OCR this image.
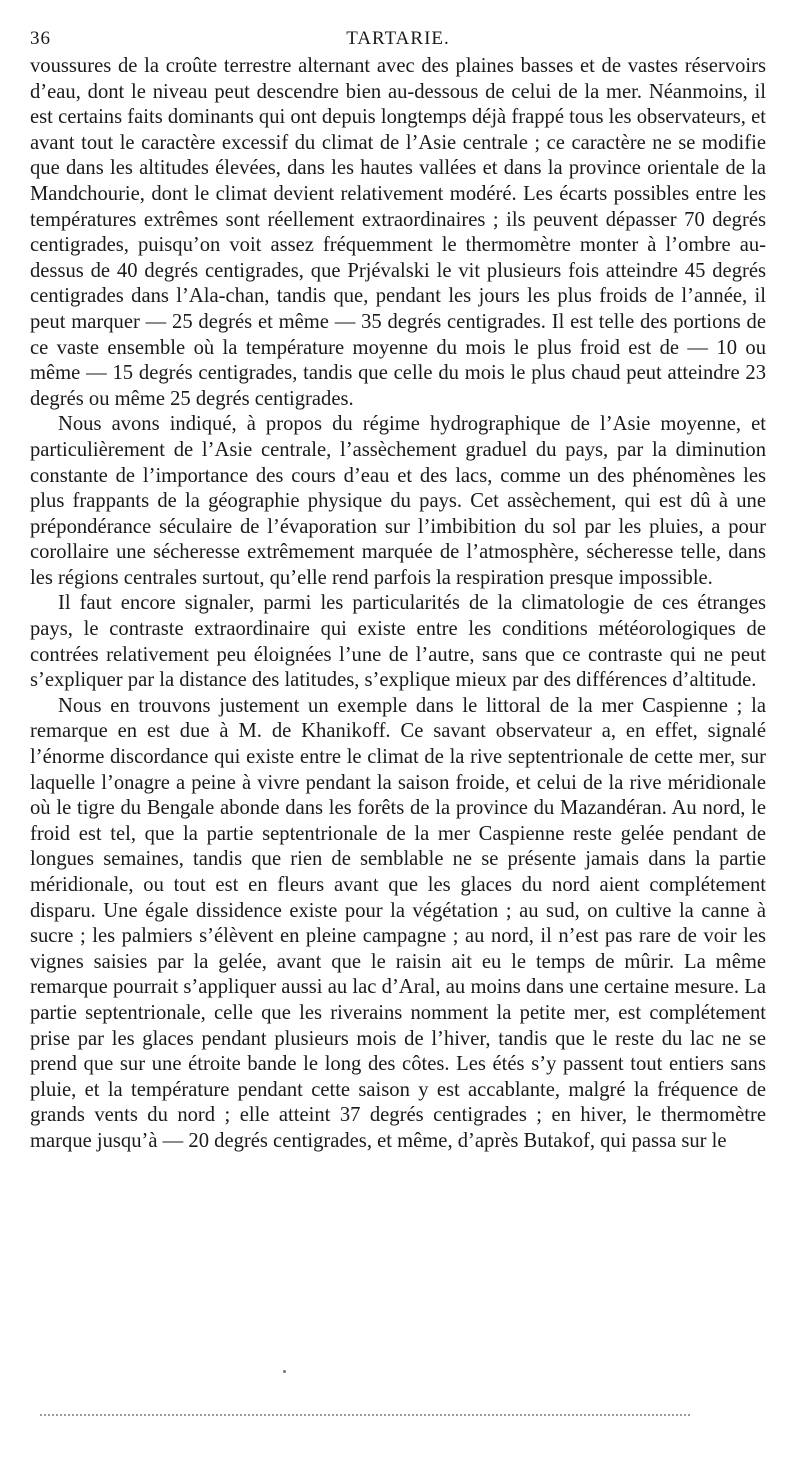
36	TARTARIE.

voussures de la croûte terrestre alternant avec des plaines basses et de vastes réservoirs d’eau, dont le niveau peut descendre bien au-dessous de celui de la mer. Néanmoins, il est certains faits dominants qui ont depuis longtemps déjà frappé tous les observateurs, et avant tout le caractère excessif du climat de l’Asie centrale ; ce caractère ne se modifie que dans les altitudes élevées, dans les hautes vallées et dans la province orientale de la Mandchourie, dont le climat devient relativement modéré. Les écarts possibles entre les températures extrêmes sont réellement extraordinaires ; ils peuvent dépasser 70 degrés centigrades, puisqu’on voit assez fréquemment le thermomètre monter à l’ombre au-dessus de 40 degrés centigrades, que Prjévalski le vit plusieurs fois atteindre 45 degrés centigrades dans l’Ala-chan, tandis que, pendant les jours les plus froids de l’année, il peut marquer — 25 degrés et même — 35 degrés centigrades. Il est telle des portions de ce vaste ensemble où la température moyenne du mois le plus froid est de — 10 ou même — 15 degrés centigrades, tandis que celle du mois le plus chaud peut atteindre 23 degrés ou même 25 degrés centigrades.

Nous avons indiqué, à propos du régime hydrographique de l’Asie moyenne, et particulièrement de l’Asie centrale, l’assèchement graduel du pays, par la diminution constante de l’importance des cours d’eau et des lacs, comme un des phénomènes les plus frappants de la géographie physique du pays. Cet assèchement, qui est dû à une prépondérance séculaire de l’évaporation sur l’imbibition du sol par les pluies, a pour corollaire une sécheresse extrêmement marquée de l’atmosphère, sécheresse telle, dans les régions centrales surtout, qu’elle rend parfois la respiration presque impossible.

Il faut encore signaler, parmi les particularités de la climatologie de ces étranges pays, le contraste extraordinaire qui existe entre les conditions météorologiques de contrées relativement peu éloignées l’une de l’autre, sans que ce contraste qui ne peut s’expliquer par la distance des latitudes, s’explique mieux par des différences d’altitude.

Nous en trouvons justement un exemple dans le littoral de la mer Caspienne ; la remarque en est due à M. de Khanikoff. Ce savant observateur a, en effet, signalé l’énorme discordance qui existe entre le climat de la rive septentrionale de cette mer, sur laquelle l’onagre a peine à vivre pendant la saison froide, et celui de la rive méridionale où le tigre du Bengale abonde dans les forêts de la province du Mazandéran. Au nord, le froid est tel, que la partie septentrionale de la mer Caspienne reste gelée pendant de longues semaines, tandis que rien de semblable ne se présente jamais dans la partie méridionale, ou tout est en fleurs avant que les glaces du nord aient complétement disparu. Une égale dissidence existe pour la végétation ; au sud, on cultive la canne à sucre ; les palmiers s’élèvent en pleine campagne ; au nord, il n’est pas rare de voir les vignes saisies par la gelée, avant que le raisin ait eu le temps de mûrir. La même remarque pourrait s’appliquer aussi au lac d’Aral, au moins dans une certaine mesure. La partie septentrionale, celle que les riverains nomment la petite mer, est complétement prise par les glaces pendant plusieurs mois de l’hiver, tandis que le reste du lac ne se prend que sur une étroite bande le long des côtes. Les étés s’y passent tout entiers sans pluie, et la température pendant cette saison y est accablante, malgré la fréquence de grands vents du nord ; elle atteint 37 degrés centigrades ; en hiver, le thermomètre marque jusqu’à — 20 degrés centigrades, et même, d’après Butakof, qui passa sur le
